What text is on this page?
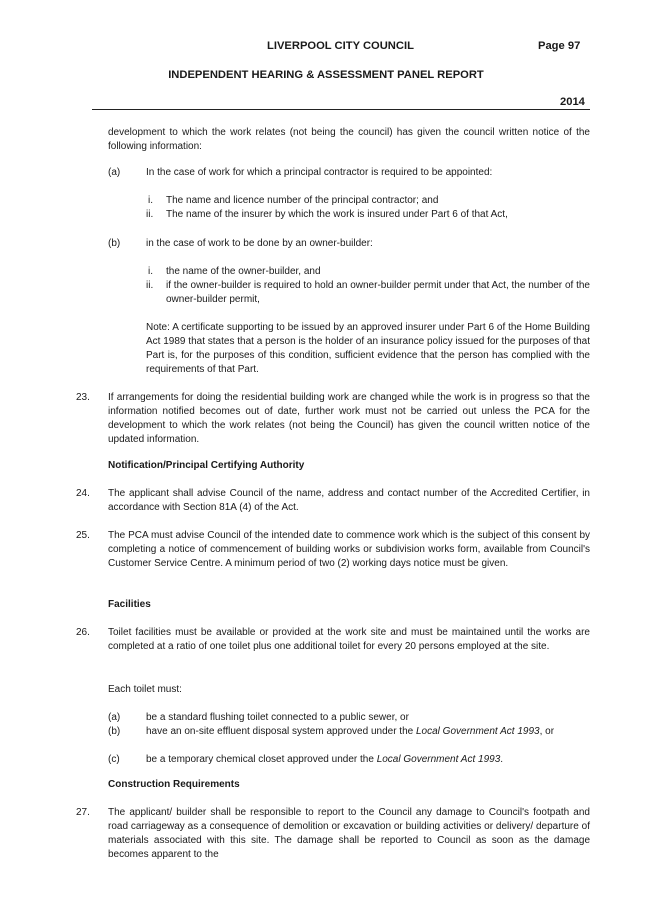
LIVERPOOL CITY COUNCIL	Page 97
INDEPENDENT HEARING & ASSESSMENT PANEL REPORT
2014
development to which the work relates (not being the council) has given the council written notice of the following information:
(a)	In the case of work for which a principal contractor is required to be appointed:
i. The name and licence number of the principal contractor; and
ii. The name of the insurer by which the work is insured under Part 6 of that Act,
(b)	in the case of work to be done by an owner-builder:
i. the name of the owner-builder, and
ii. if the owner-builder is required to hold an owner-builder permit under that Act, the number of the owner-builder permit,
Note: A certificate supporting to be issued by an approved insurer under Part 6 of the Home Building Act 1989 that states that a person is the holder of an insurance policy issued for the purposes of that Part is, for the purposes of this condition, sufficient evidence that the person has complied with the requirements of that Part.
23. If arrangements for doing the residential building work are changed while the work is in progress so that the information notified becomes out of date, further work must not be carried out unless the PCA for the development to which the work relates (not being the Council) has given the council written notice of the updated information.
Notification/Principal Certifying Authority
24. The applicant shall advise Council of the name, address and contact number of the Accredited Certifier, in accordance with Section 81A (4) of the Act.
25. The PCA must advise Council of the intended date to commence work which is the subject of this consent by completing a notice of commencement of building works or subdivision works form, available from Council's Customer Service Centre. A minimum period of two (2) working days notice must be given.
Facilities
26. Toilet facilities must be available or provided at the work site and must be maintained until the works are completed at a ratio of one toilet plus one additional toilet for every 20 persons employed at the site.
Each toilet must:
(a)	be a standard flushing toilet connected to a public sewer, or
(b)	have an on-site effluent disposal system approved under the Local Government Act 1993, or
(c)	be a temporary chemical closet approved under the Local Government Act 1993.
Construction Requirements
27. The applicant/ builder shall be responsible to report to the Council any damage to Council's footpath and road carriageway as a consequence of demolition or excavation or building activities or delivery/ departure of materials associated with this site. The damage shall be reported to Council as soon as the damage becomes apparent to the
